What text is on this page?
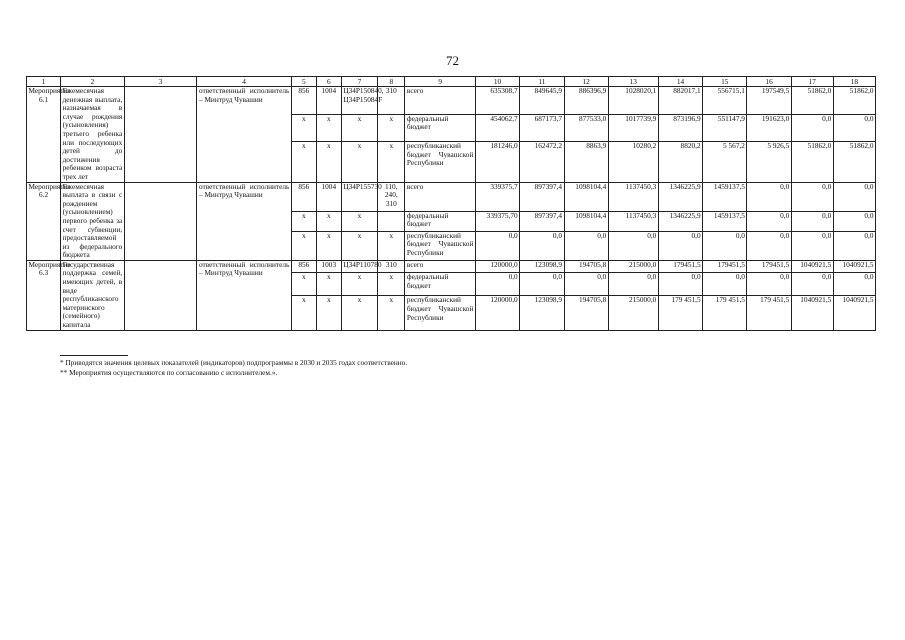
72
1	2	3	4	5	6	7	8	9	10	11	12	13	14	15	16	17	18
Мероприятие 6.1	Ежемесячная денежная выплата, назначаемая в случае рождения (усыновления) третьего ребенка или последующих детей до достижения ребенком возраста трех лет		ответственный исполнитель – Минтруд Чувашии	856	1004	Ц34Р150840, Ц34Р15084F	310	всего	635308,7	849645,9	886396,9	1028020,1	882017,1	556715,1	197549,5	51862,0	51862,0
				x	x	x	x	федеральный бюджет	454062,7	687173,7	877533,0	1017739,9	873196,9	551147,9	191623,0	0,0	0,0
				x	x	x	x	республиканский бюджет Чувашской Республики	181246,0	162472,2	8863,9	10280,2	8820,2	5 567,2	5 926,5	51862,0	51862,0
Мероприятие 6.2	Ежемесячная выплата в связи с рождением (усыновлением) первого ребенка за счет субвенции, предоставляемой из федерального бюджета		ответственный исполнитель – Минтруд Чувашии	856	1004	Ц34Р155730	110, 240, 310	всего	339375,7	897397,4	1098104,4	1137450,3	1346225,9	1459137,5	0,0	0,0	0,0
				x	x	x		федеральный бюджет	339375,70	897397,4	1098104,4	1137450,3	1346225,9	1459137,5	0,0	0,0	0,0
				x	x	x	x	республиканский бюджет Чувашской Республики	0,0	0,0	0,0	0,0	0,0	0,0	0,0	0,0	0,0
Мероприятие 6.3	Государственная поддержка семей, имеющих детей, в виде республиканского материнского (семейного) капитала		ответственный исполнитель – Минтруд Чувашии	856	1003	Ц34Р110780	310	всего	120000,0	123098,9	194705,8	215000,0	179451,5	179451,5	179451,5	1040921,5	1040921,5
				x	x	x	x	федеральный бюджет	0,0	0,0	0,0	0,0	0,0	0,0	0,0	0,0	0,0
				x	x	x	x	республиканский бюджет Чувашской Республики	120000,0	123098,9	194705,8	215000,0	179 451,5	179 451,5	179 451,5	1040921,5	1040921,5
* Приводятся значения целевых показателей (индикаторов) подпрограммы в 2030 и 2035 годах соответственно.
** Мероприятия осуществляются по согласованию с исполнителем.».
